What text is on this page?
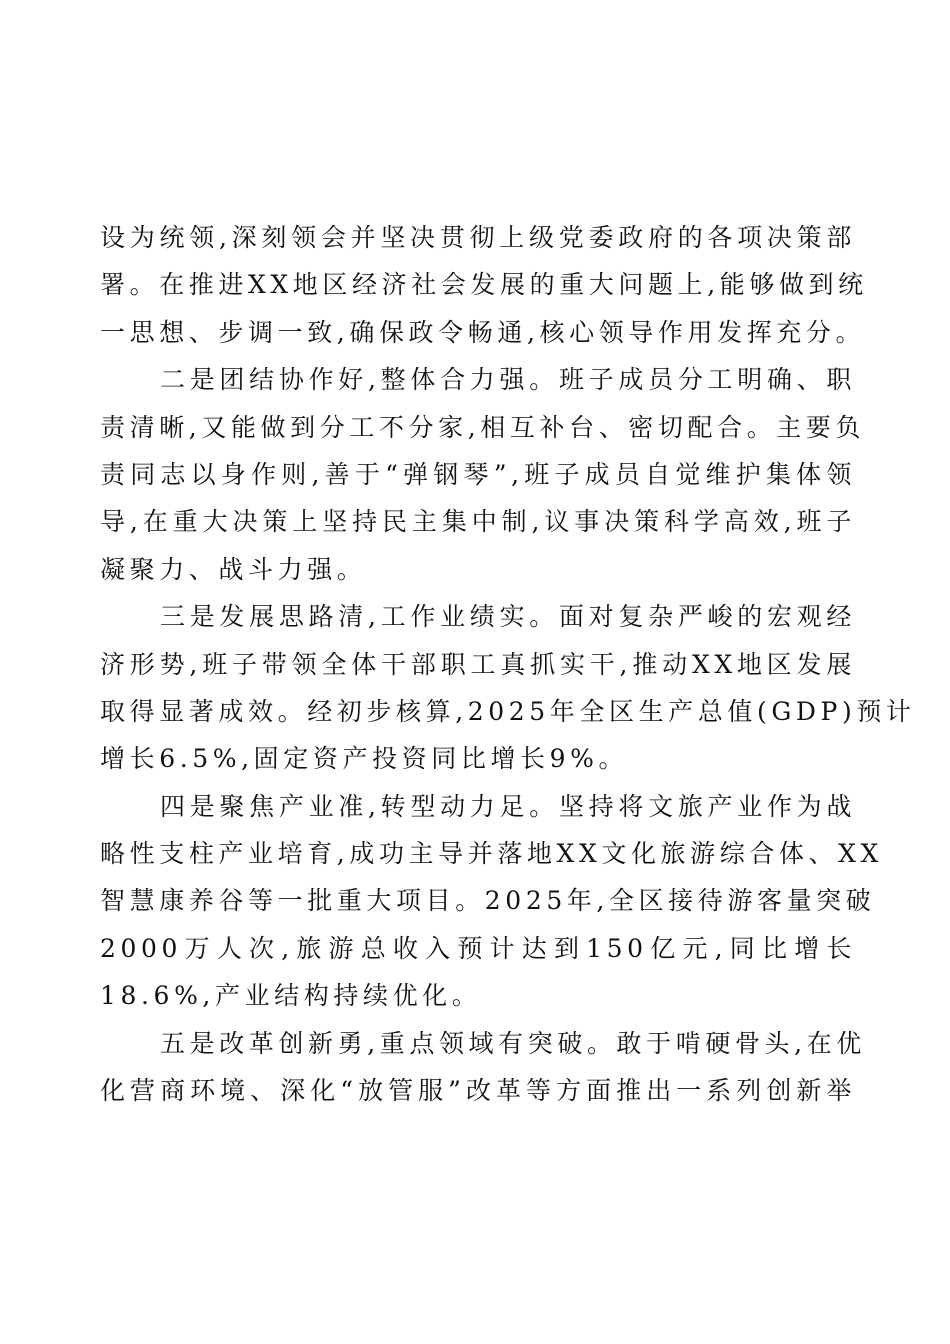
设为统领,深刻领会并坚决贯彻上级党委政府的各项决策部
署。在推进XX地区经济社会发展的重大问题上,能够做到统
一思想、步调一致,确保政令畅通,核心领导作用发挥充分。
二是团结协作好,整体合力强。班子成员分工明确、职
责清晰,又能做到分工不分家,相互补台、密切配合。主要负
责同志以身作则,善于“弹钢琴”,班子成员自觉维护集体领
导,在重大决策上坚持民主集中制,议事决策科学高效,班子
凝聚力、战斗力强。
三是发展思路清,工作业绩实。面对复杂严峻的宏观经
济形势,班子带领全体干部职工真抓实干,推动XX地区发展
取得显著成效。经初步核算,2025年全区生产总值(GDP)预计
增长6.5%,固定资产投资同比增长9%。
四是聚焦产业准,转型动力足。坚持将文旅产业作为战
略性支柱产业培育,成功主导并落地XX文化旅游综合体、XX
智慧康养谷等一批重大项目。2025年,全区接待游客量突破
2000万人次,旅游总收入预计达到150亿元,同比增长
18.6%,产业结构持续优化。
五是改革创新勇,重点领域有突破。敢于啃硬骨头,在优
化营商环境、深化“放管服”改革等方面推出一系列创新举
